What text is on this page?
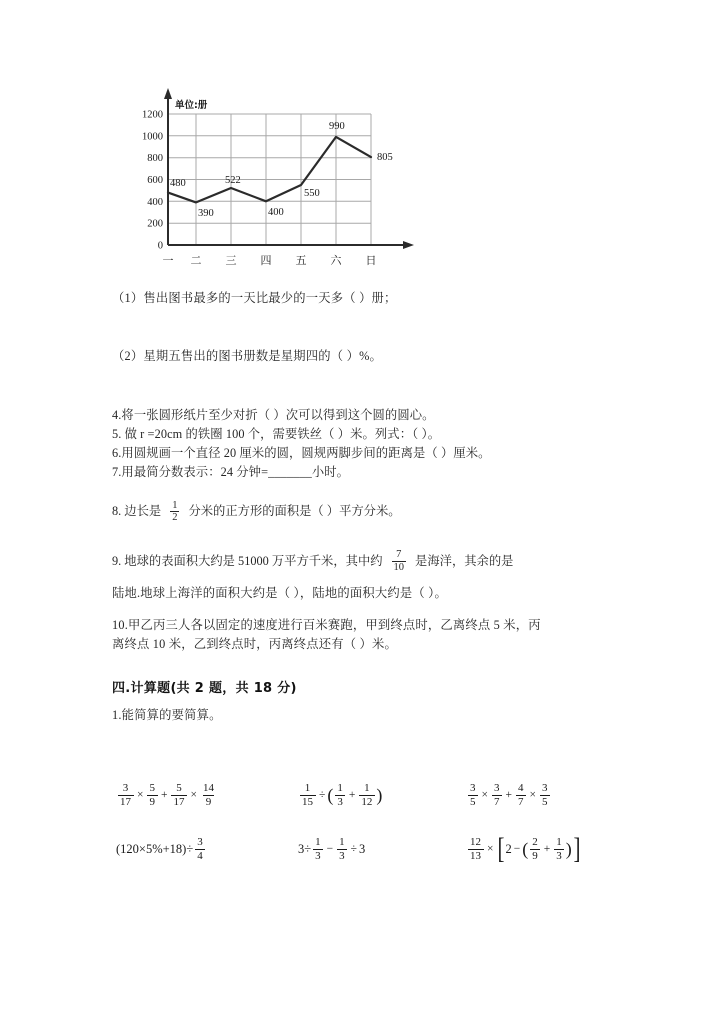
单位:册
0
200
400
600
800
1000
1200
480
390
522
400
550
990
805
一 二 三 四 五 六 日

（1）售出图书最多的一天比最少的一天多（ ）册；

（2）星期五售出的图书册数是星期四的（ ）%。

4.将一张圆形纸片至少对折（ ）次可以得到这个圆的圆心。

5. 做 r =20cm 的铁圈 100 个，需要铁丝（ ）米。列式：（ ）。

6.用圆规画一个直径 20 厘米的圆，圆规两脚步间的距离是（ ）厘米。

7.用最简分数表示：24 分钟=_______小时。

8. 边长是 $\frac{1}{2}$ 分米的正方形的面积是（ ）平方分米。
9. 地球的表面积大约是 51000 万平方千米，其中约 $\frac{7}{10}$ 是海洋，其余的是

陆地.地球上海洋的面积大约是（ ），陆地的面积大约是（ ）。

10.甲乙丙三人各以固定的速度进行百米赛跑，甲到终点时，乙离终点 5 米，丙

离终点 10 米，乙到终点时，丙离终点还有（ ）米。

四.计算题(共 2 题，共 18 分)

1.能简算的要简算。

$\frac{3}{17} \times \frac{5}{9} + \frac{5}{17} \times \frac{14}{9}$	$\frac{1}{15}$ ÷ ( $\frac{1}{3} + \frac{1}{12}$ )	$\frac{3}{5} \times \frac{3}{7} + \frac{4}{7} \times \frac{3}{5}$
$(120\times 5\%+18)\div \frac{3}{4}$	$3\div \frac{1}{3} - \frac{1}{3} \div 3$	$\frac{12}{13}$ × [ 2 − ( $\frac{2}{9} + \frac{1}{3}$ ) ]
